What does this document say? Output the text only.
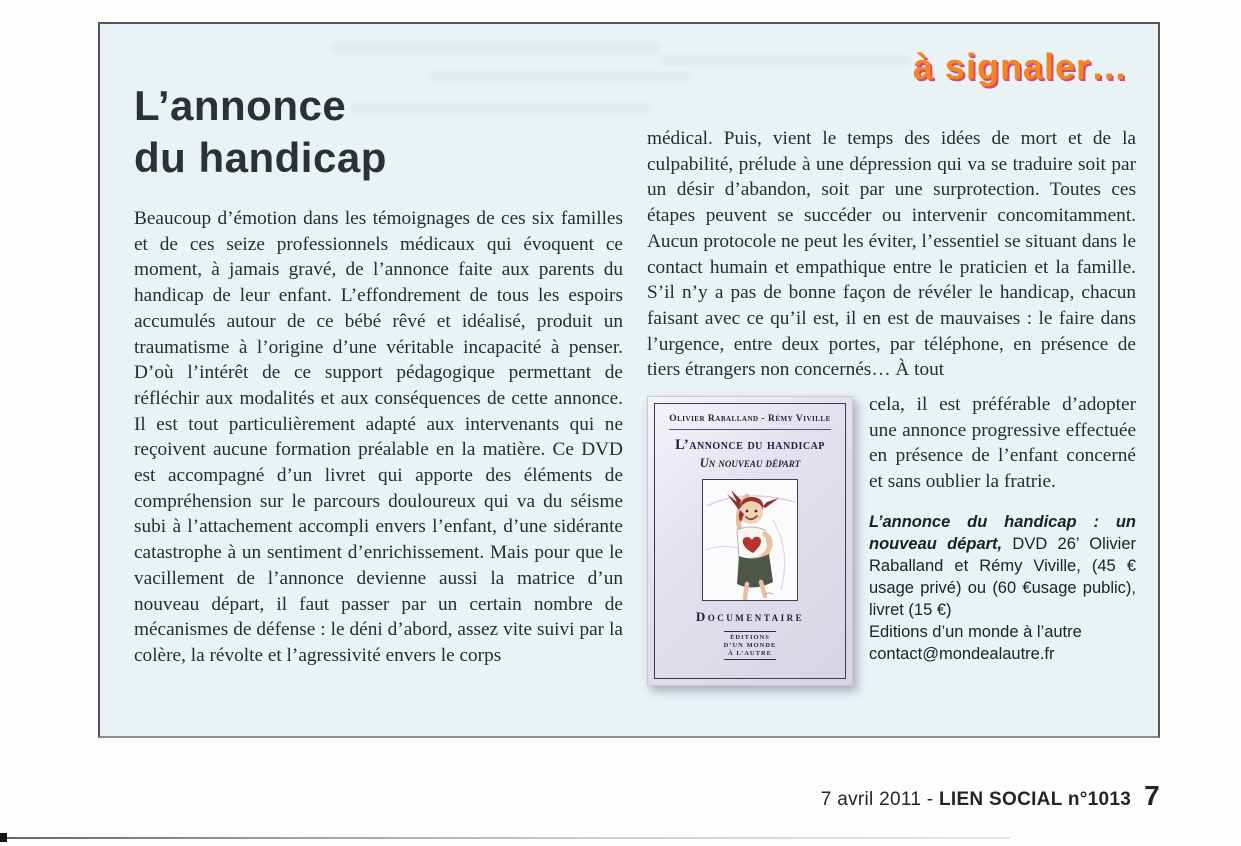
à signaler…
L’annonce
du handicap

Beaucoup d’émotion dans les témoignages de ces six familles et de ces seize professionnels médicaux qui évoquent ce moment, à jamais gravé, de l’annonce faite aux parents du handicap de leur enfant. L’effondrement de tous les espoirs accumulés autour de ce bébé rêvé et idéalisé, produit un traumatisme à l’origine d’une véritable incapacité à penser. D’où l’intérêt de ce support pédagogique permettant de réfléchir aux modalités et aux conséquences de cette annonce. Il est tout particulièrement adapté aux intervenants qui ne reçoivent aucune formation préalable en la matière. Ce DVD est accompagné d’un livret qui apporte des éléments de compréhension sur le parcours douloureux qui va du séisme subi à l’attachement accompli envers l’enfant, d’une sidérante catastrophe à un sentiment d’enrichissement. Mais pour que le vacillement de l’annonce devienne aussi la matrice d’un nouveau départ, il faut passer par un certain nombre de mécanismes de défense : le déni d’abord, assez vite suivi par la colère, la révolte et l’agressivité envers le corps

médical. Puis, vient le temps des idées de mort et de la culpabilité, prélude à une dépression qui va se traduire soit par un désir d’abandon, soit par une surprotection. Toutes ces étapes peuvent se succéder ou intervenir concomitamment. Aucun protocole ne peut les éviter, l’essentiel se situant dans le contact humain et empathique entre le praticien et la famille. S’il n’y a pas de bonne façon de révéler le handicap, chacun faisant avec ce qu’il est, il en est de mauvaises : le faire dans l’urgence, entre deux portes, par téléphone, en présence de tiers étrangers non concernés… À tout

Olivier Raballand - Rémy Viville
L’annonce du handicap
Un nouveau départ
Documentaire
ÉDITIONS
D’UN MONDE
À L’AUTRE

cela, il est préférable d’adopter une annonce progressive effectuée en présence de l’enfant concerné et sans oublier la fratrie.

L’annonce du handicap : un nouveau départ, DVD 26’ Olivier Raballand et Rémy Viville, (45 € usage privé) ou (60 €usage public), livret (15 €)

Editions d’un monde à l’autre
contact@mondealautre.fr
7 avril 2011 - LIEN SOCIAL n°1013 7
